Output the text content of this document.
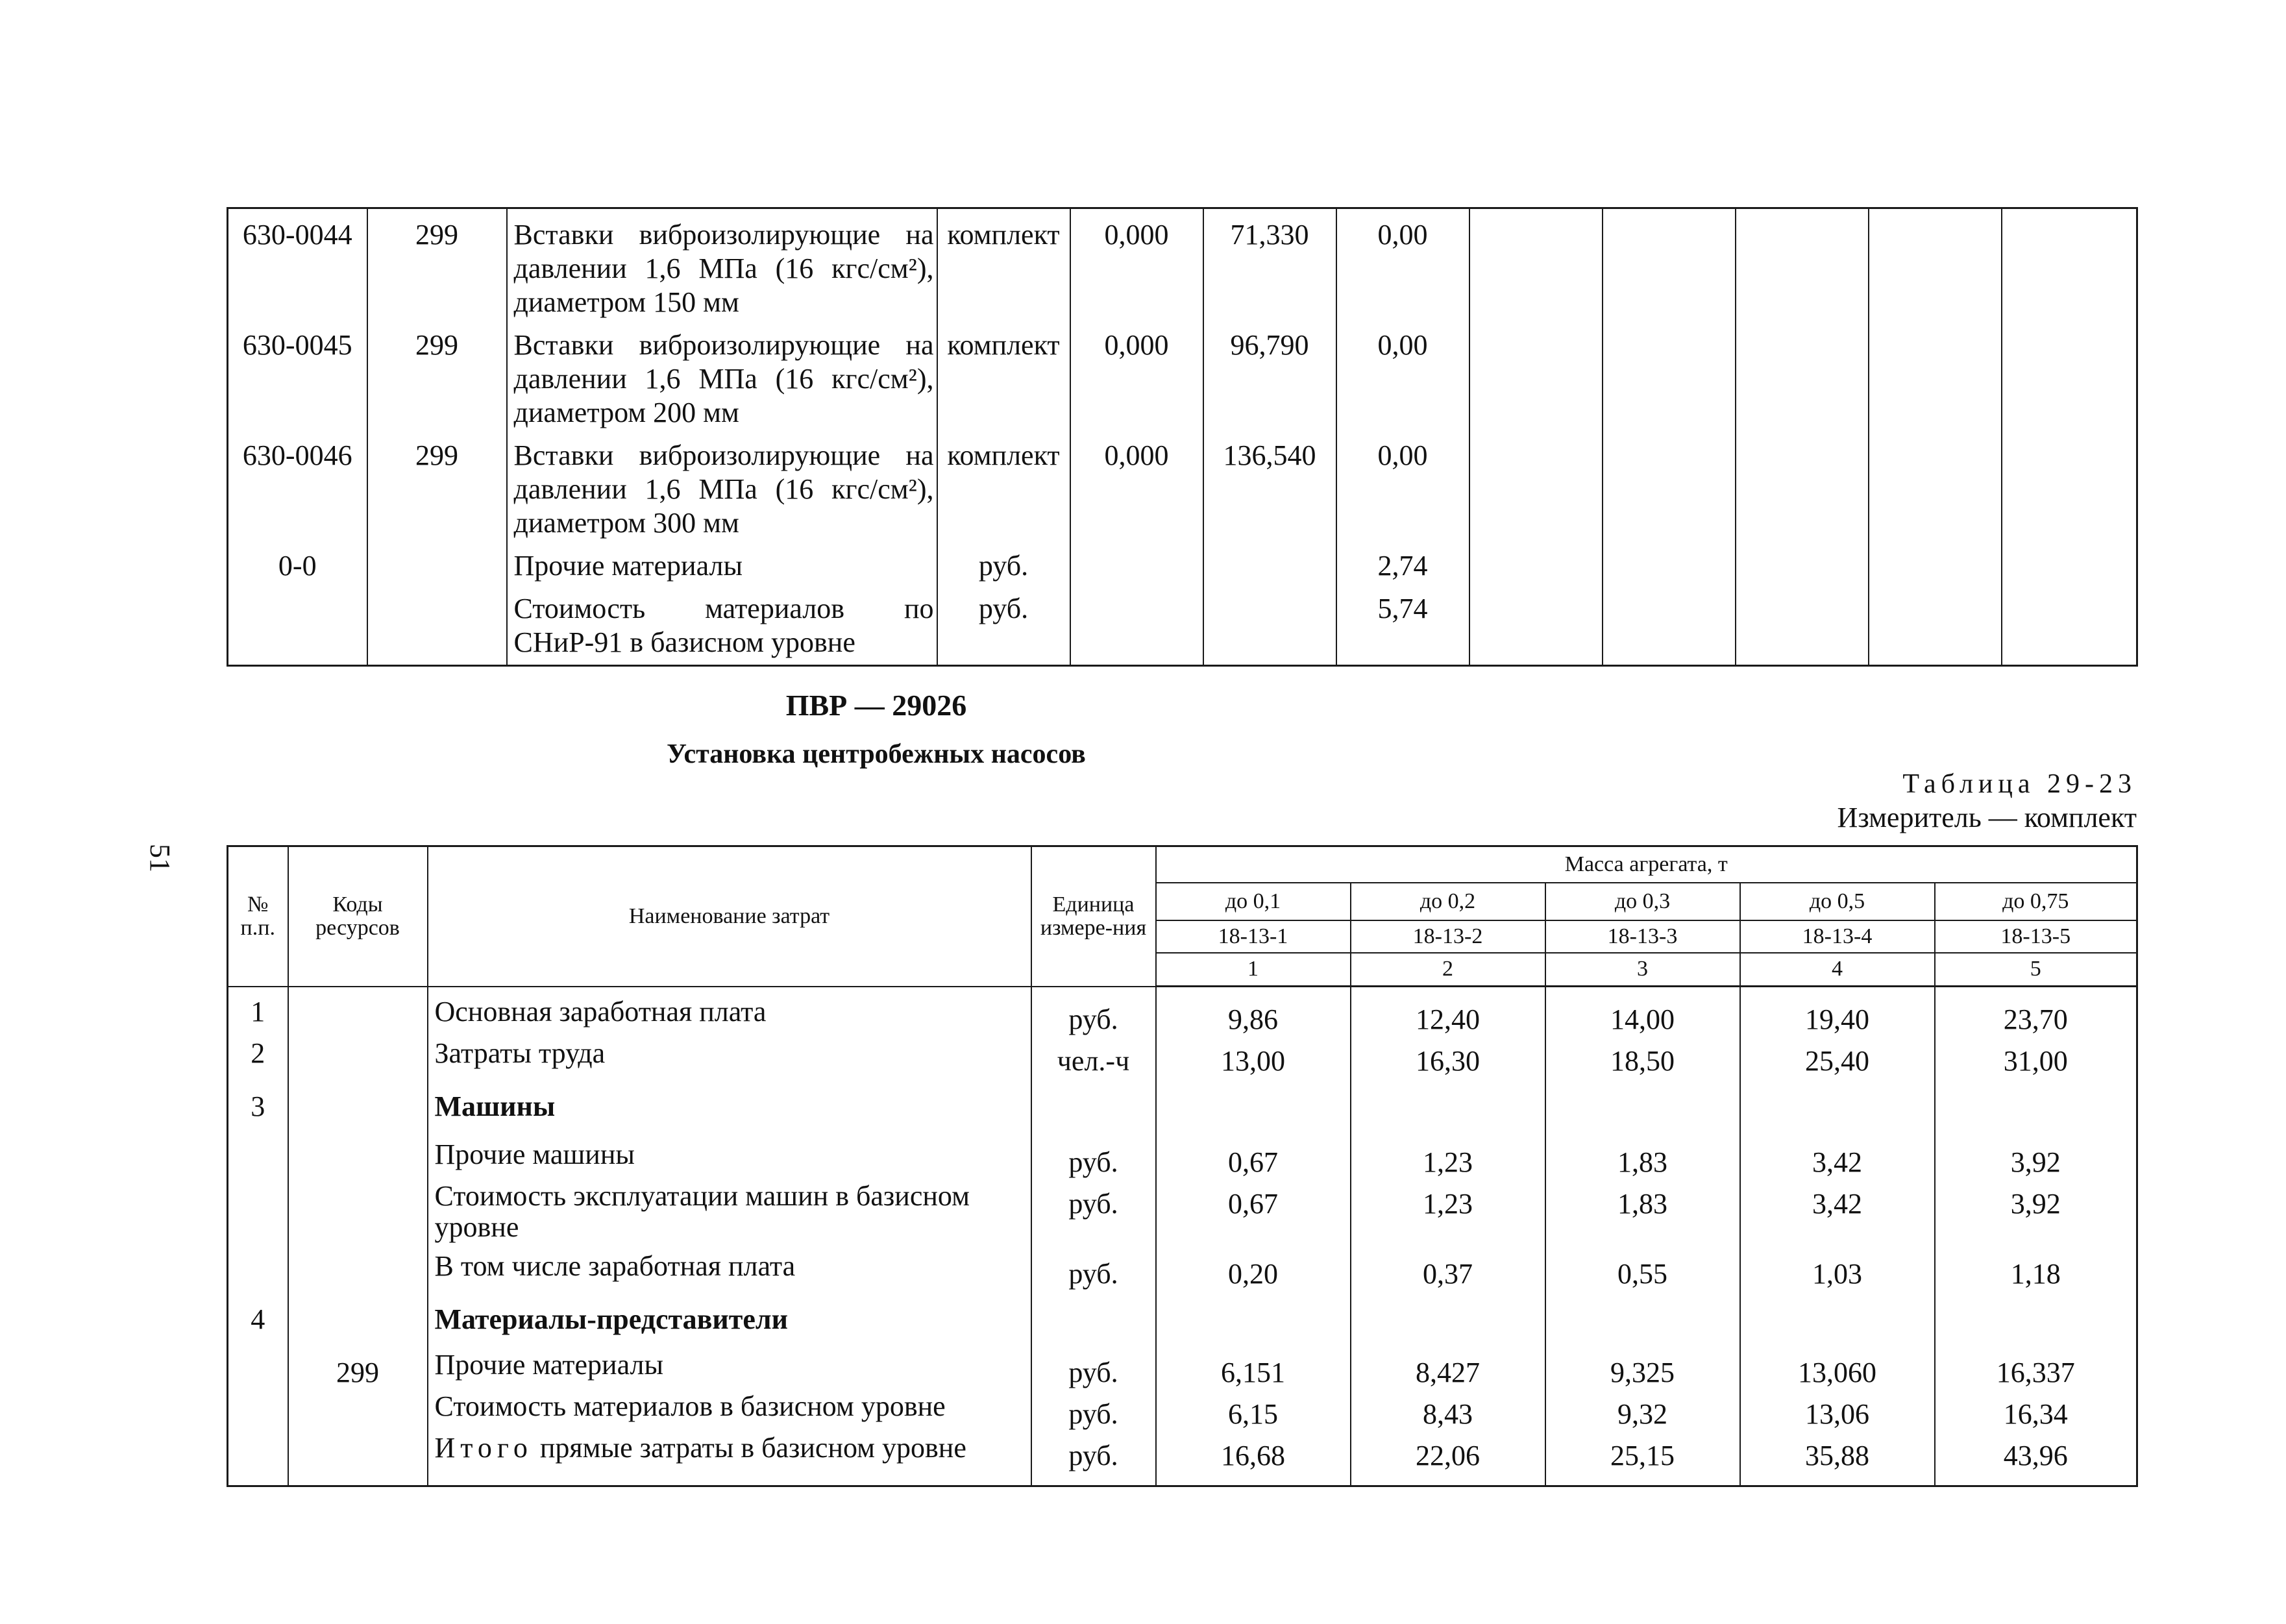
630-0044	299	Вставки виброизолирующие на давлении 1,6 МПа (16 кгс/см²), диаметром 150 мм	комплект	0,000	71,330	0,00					
630-0045	299	Вставки виброизолирующие на давлении 1,6 МПа (16 кгс/см²), диаметром 200 мм	комплект	0,000	96,790	0,00					
630-0046	299	Вставки виброизолирующие на давлении 1,6 МПа (16 кгс/см²), диаметром 300 мм	комплект	0,000	136,540	0,00					
0-0		Прочие материалы	руб.			2,74					
		Стоимость материалов по СНиР-91 в базисном уровне	руб.			5,74					
51
ПВР — 29026
Установка центробежных насосов
Таблица 29-23
Измеритель — комплект
№ п.п.	Коды ресурсов	Наименование затрат	Единица измере-ния	Масса агрегата, т				
				до 0,1	до 0,2	до 0,3	до 0,5	до 0,75
				18-13-1	18-13-2	18-13-3	18-13-4	18-13-5
				1	2	3	4	5
1		Основная заработная плата	руб.	9,86	12,40	14,00	19,40	23,70
2		Затраты труда	чел.-ч	13,00	16,30	18,50	25,40	31,00
3		Машины						
		Прочие машины	руб.	0,67	1,23	1,83	3,42	3,92
		Стоимость эксплуатации машин в базисном уровне	руб.	0,67	1,23	1,83	3,42	3,92
		В том числе заработная плата	руб.	0,20	0,37	0,55	1,03	1,18
4		Материалы-представители						
	299	Прочие материалы	руб.	6,151	8,427	9,325	13,060	16,337
		Стоимость материалов в базисном уровне	руб.	6,15	8,43	9,32	13,06	16,34
		Итого прямые затраты в базисном уровне	руб.	16,68	22,06	25,15	35,88	43,96
